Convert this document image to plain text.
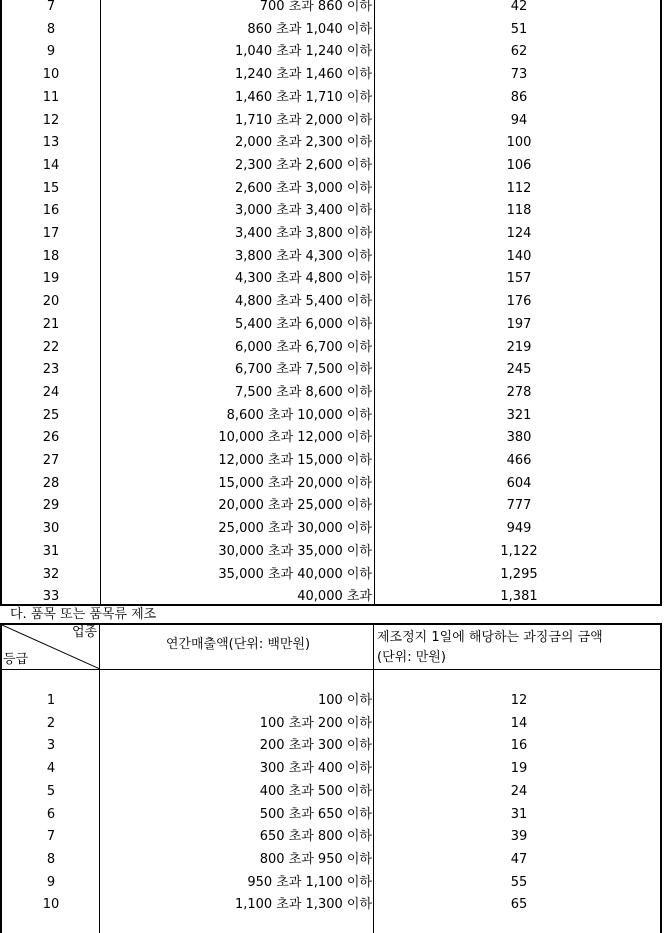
7	700 초과 860 이하	42
8	860 초과 1,040 이하	51
9	1,040 초과 1,240 이하	62
10	1,240 초과 1,460 이하	73
11	1,460 초과 1,710 이하	86
12	1,710 초과 2,000 이하	94
13	2,000 초과 2,300 이하	100
14	2,300 초과 2,600 이하	106
15	2,600 초과 3,000 이하	112
16	3,000 초과 3,400 이하	118
17	3,400 초과 3,800 이하	124
18	3,800 초과 4,300 이하	140
19	4,300 초과 4,800 이하	157
20	4,800 초과 5,400 이하	176
21	5,400 초과 6,000 이하	197
22	6,000 초과 6,700 이하	219
23	6,700 초과 7,500 이하	245
24	7,500 초과 8,600 이하	278
25	8,600 초과 10,000 이하	321
26	10,000 초과 12,000 이하	380
27	12,000 초과 15,000 이하	466
28	15,000 초과 20,000 이하	604
29	20,000 초과 25,000 이하	777
30	25,000 초과 30,000 이하	949
31	30,000 초과 35,000 이하	1,122
32	35,000 초과 40,000 이하	1,295
33	40,000 초과	1,381
다. 품목 또는 품목류 제조
업종
등급
연간매출액(단위: 백만원)	제조정지 1일에 해당하는 과징금의 금액
(단위: 만원)
1	100 이하	12
2	100 초과 200 이하	14
3	200 초과 300 이하	16
4	300 초과 400 이하	19
5	400 초과 500 이하	24
6	500 초과 650 이하	31
7	650 초과 800 이하	39
8	800 초과 950 이하	47
9	950 초과 1,100 이하	55
10	1,100 초과 1,300 이하	65
